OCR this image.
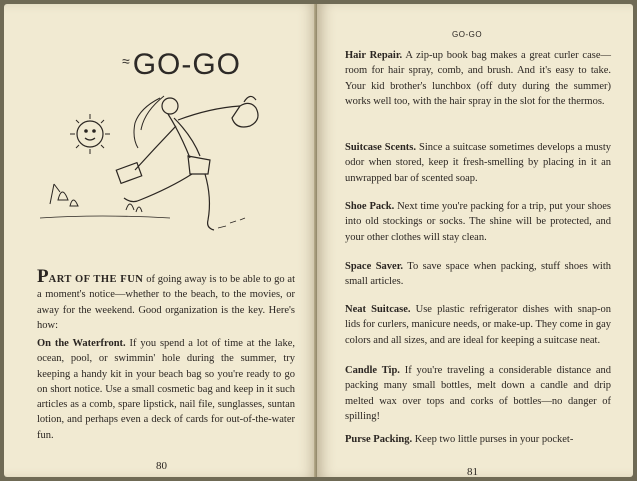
≈GO-GO

PART OF THE FUN of going away is to be able to go at a moment's notice—whether to the beach, to the movies, or away for the weekend. Good organization is the key. Here's how:

On the Waterfront. If you spend a lot of time at the lake, ocean, pool, or swimmin' hole during the summer, try keeping a handy kit in your beach bag so you're ready to go on short notice. Use a small cosmetic bag and keep in it such articles as a comb, spare lipstick, nail file, sunglasses, suntan lotion, and perhaps even a deck of cards for out-of-the-water fun.

80
GO-GO

Hair Repair. A zip-up book bag makes a great curler case—room for hair spray, comb, and brush. And it's easy to take. Your kid brother's lunchbox (off duty during the summer) works well too, with the hair spray in the slot for the thermos.

Suitcase Scents. Since a suitcase sometimes develops a musty odor when stored, keep it fresh-smelling by placing in it an unwrapped bar of scented soap.

Shoe Pack. Next time you're packing for a trip, put your shoes into old stockings or socks. The shine will be protected, and your other clothes will stay clean.

Space Saver. To save space when packing, stuff shoes with small articles.

Neat Suitcase. Use plastic refrigerator dishes with snap-on lids for curlers, manicure needs, or make-up. They come in gay colors and all sizes, and are ideal for keeping a suitcase neat.

Candle Tip. If you're traveling a considerable distance and packing many small bottles, melt down a candle and drip melted wax over tops and corks of bottles—no danger of spilling!

Purse Packing. Keep two little purses in your pocket-

81
